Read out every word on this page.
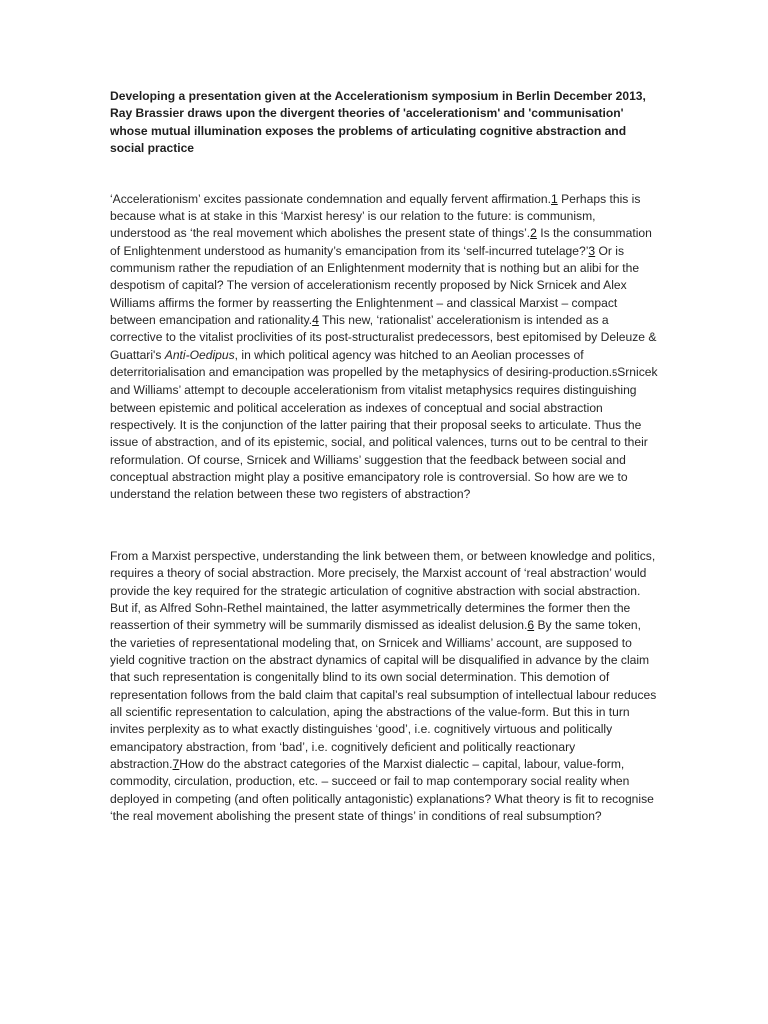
Developing a presentation given at the Accelerationism symposium in Berlin December 2013, Ray Brassier draws upon the divergent theories of 'accelerationism' and 'communisation' whose mutual illumination exposes the problems of articulating cognitive abstraction and social practice

‘Accelerationism’ excites passionate condemnation and equally fervent affirmation.1 Perhaps this is because what is at stake in this ‘Marxist heresy’ is our relation to the future: is communism, understood as ‘the real movement which abolishes the present state of things’.2 Is the consummation of Enlightenment understood as humanity’s emancipation from its ‘self-incurred tutelage?’3 Or is communism rather the repudiation of an Enlightenment modernity that is nothing but an alibi for the despotism of capital? The version of accelerationism recently proposed by Nick Srnicek and Alex Williams affirms the former by reasserting the Enlightenment – and classical Marxist – compact between emancipation and rationality.4 This new, ‘rationalist’ accelerationism is intended as a corrective to the vitalist proclivities of its post-structuralist predecessors, best epitomised by Deleuze & Guattari's Anti-Oedipus, in which political agency was hitched to an Aeolian processes of deterritorialisation and emancipation was propelled by the metaphysics of desiring-production.5Srnicek and Williams’ attempt to decouple accelerationism from vitalist metaphysics requires distinguishing between epistemic and political acceleration as indexes of conceptual and social abstraction respectively. It is the conjunction of the latter pairing that their proposal seeks to articulate. Thus the issue of abstraction, and of its epistemic, social, and political valences, turns out to be central to their reformulation. Of course, Srnicek and Williams’ suggestion that the feedback between social and conceptual abstraction might play a positive emancipatory role is controversial. So how are we to understand the relation between these two registers of abstraction?

From a Marxist perspective, understanding the link between them, or between knowledge and politics, requires a theory of social abstraction. More precisely, the Marxist account of ‘real abstraction’ would provide the key required for the strategic articulation of cognitive abstraction with social abstraction. But if, as Alfred Sohn-Rethel maintained, the latter asymmetrically determines the former then the reassertion of their symmetry will be summarily dismissed as idealist delusion.6 By the same token, the varieties of representational modeling that, on Srnicek and Williams’ account, are supposed to yield cognitive traction on the abstract dynamics of capital will be disqualified in advance by the claim that such representation is congenitally blind to its own social determination. This demotion of representation follows from the bald claim that capital’s real subsumption of intellectual labour reduces all scientific representation to calculation, aping the abstractions of the value-form. But this in turn invites perplexity as to what exactly distinguishes ‘good’, i.e. cognitively virtuous and politically emancipatory abstraction, from ‘bad’, i.e. cognitively deficient and politically reactionary abstraction.7How do the abstract categories of the Marxist dialectic – capital, labour, value-form, commodity, circulation, production, etc. – succeed or fail to map contemporary social reality when deployed in competing (and often politically antagonistic) explanations? What theory is fit to recognise ‘the real movement abolishing the present state of things’ in conditions of real subsumption?
